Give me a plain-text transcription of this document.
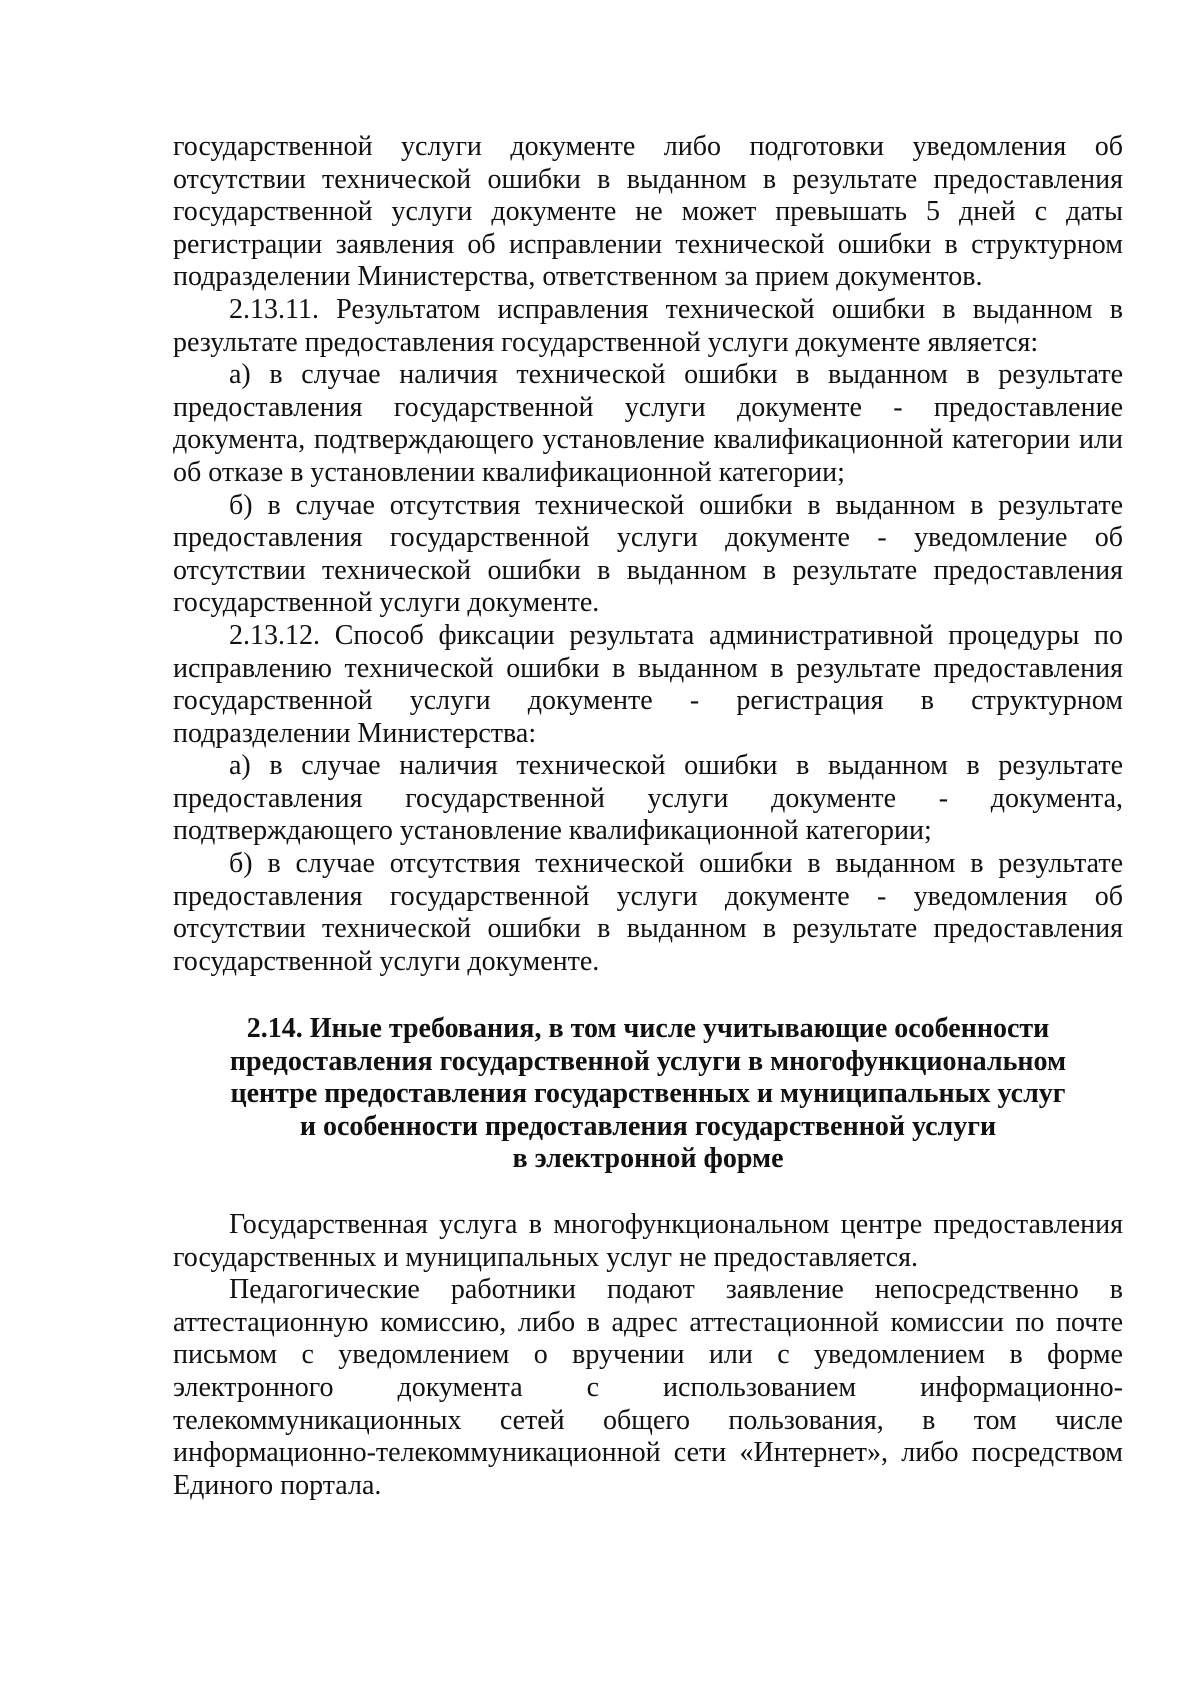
государственной услуги документе либо подготовки уведомления об отсутствии технической ошибки в выданном в результате предоставления государственной услуги документе не может превышать 5 дней с даты регистрации заявления об исправлении технической ошибки в структурном подразделении Министерства, ответственном за прием документов.

2.13.11. Результатом исправления технической ошибки в выданном в результате предоставления государственной услуги документе является:

а) в случае наличия технической ошибки в выданном в результате предоставления государственной услуги документе - предоставление документа, подтверждающего установление квалификационной категории или об отказе в установлении квалификационной категории;

б) в случае отсутствия технической ошибки в выданном в результате предоставления государственной услуги документе - уведомление об отсутствии технической ошибки в выданном в результате предоставления государственной услуги документе.

2.13.12. Способ фиксации результата административной процедуры по исправлению технической ошибки в выданном в результате предоставления государственной услуги документе - регистрация в структурном подразделении Министерства:

а) в случае наличия технической ошибки в выданном в результате предоставления государственной услуги документе - документа, подтверждающего установление квалификационной категории;

б) в случае отсутствия технической ошибки в выданном в результате предоставления государственной услуги документе - уведомления об отсутствии технической ошибки в выданном в результате предоставления государственной услуги документе.

2.14. Иные требования, в том числе учитывающие особенности
предоставления государственной услуги в многофункциональном
центре предоставления государственных и муниципальных услуг
и особенности предоставления государственной услуги
в электронной форме

Государственная услуга в многофункциональном центре предоставления государственных и муниципальных услуг не предоставляется.

Педагогические работники подают заявление непосредственно в аттестационную комиссию, либо в адрес аттестационной комиссии по почте письмом с уведомлением о вручении или с уведомлением в форме электронного документа с использованием информационно-телекоммуникационных сетей общего пользования, в том числе информационно-телекоммуникационной сети «Интернет», либо посредством Единого портала.
